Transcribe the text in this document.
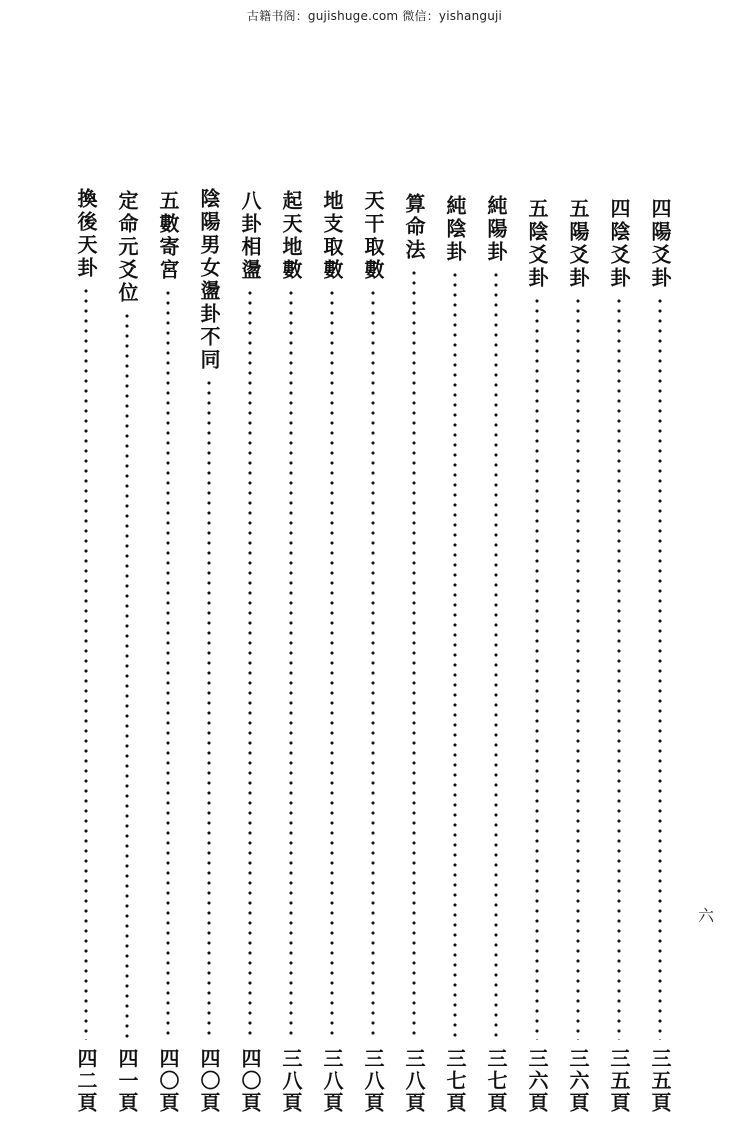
古籍书阁：gujishuge.com 微信：yishanguji
四陽爻卦
三五頁
四陰爻卦
三五頁
五陽爻卦
三六頁
五陰爻卦
三六頁
純陽卦
三七頁
純陰卦
三七頁
算命法
三八頁
天干取數
三八頁
地支取數
三八頁
起天地數
三八頁
八卦相盪
四〇頁
陰陽男女盪卦不同
四〇頁
五數寄宮
四〇頁
定命元爻位
四一頁
換後天卦
四二頁
六
